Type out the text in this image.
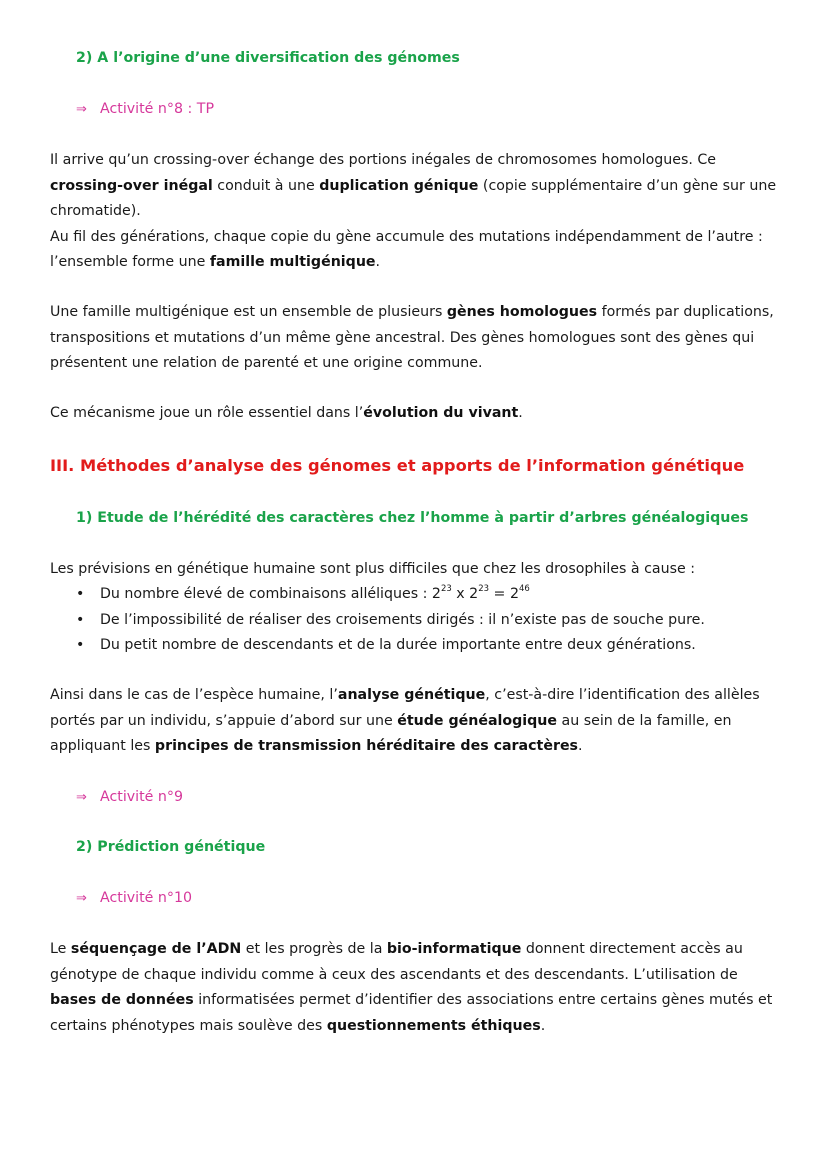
2) A l’origine d’une diversification des génomes
⇒ Activité n°8 : TP

Il arrive qu’un crossing-over échange des portions inégales de chromosomes homologues. Ce crossing-over inégal conduit à une duplication génique (copie supplémentaire d’un gène sur une chromatide).
Au fil des générations, chaque copie du gène accumule des mutations indépendamment de l’autre : l’ensemble forme une famille multigénique.

Une famille multigénique est un ensemble de plusieurs gènes homologues formés par duplications, transpositions et mutations d’un même gène ancestral. Des gènes homologues sont des gènes qui présentent une relation de parenté et une origine commune.

Ce mécanisme joue un rôle essentiel dans l’évolution du vivant.

III. Méthodes d’analyse des génomes et apports de l’information génétique
1) Etude de l’hérédité des caractères chez l’homme à partir d’arbres généalogiques

Les prévisions en génétique humaine sont plus difficiles que chez les drosophiles à cause :

• Du nombre élevé de combinaisons alléliques : $2^{23}$ x $2^{23} = 2^{46}$
• De l’impossibilité de réaliser des croisements dirigés : il n’existe pas de souche pure.
• Du petit nombre de descendants et de la durée importante entre deux générations.

Ainsi dans le cas de l’espèce humaine, l’analyse génétique, c’est-à-dire l’identification des allèles portés par un individu, s’appuie d’abord sur une étude généalogique au sein de la famille, en appliquant les principes de transmission héréditaire des caractères.

⇒ Activité n°9
2) Prédiction génétique
⇒ Activité n°10

Le séquençage de l’ADN et les progrès de la bio-informatique donnent directement accès au génotype de chaque individu comme à ceux des ascendants et des descendants. L’utilisation de bases de données informatisées permet d’identifier des associations entre certains gènes mutés et certains phénotypes mais soulève des questionnements éthiques.
